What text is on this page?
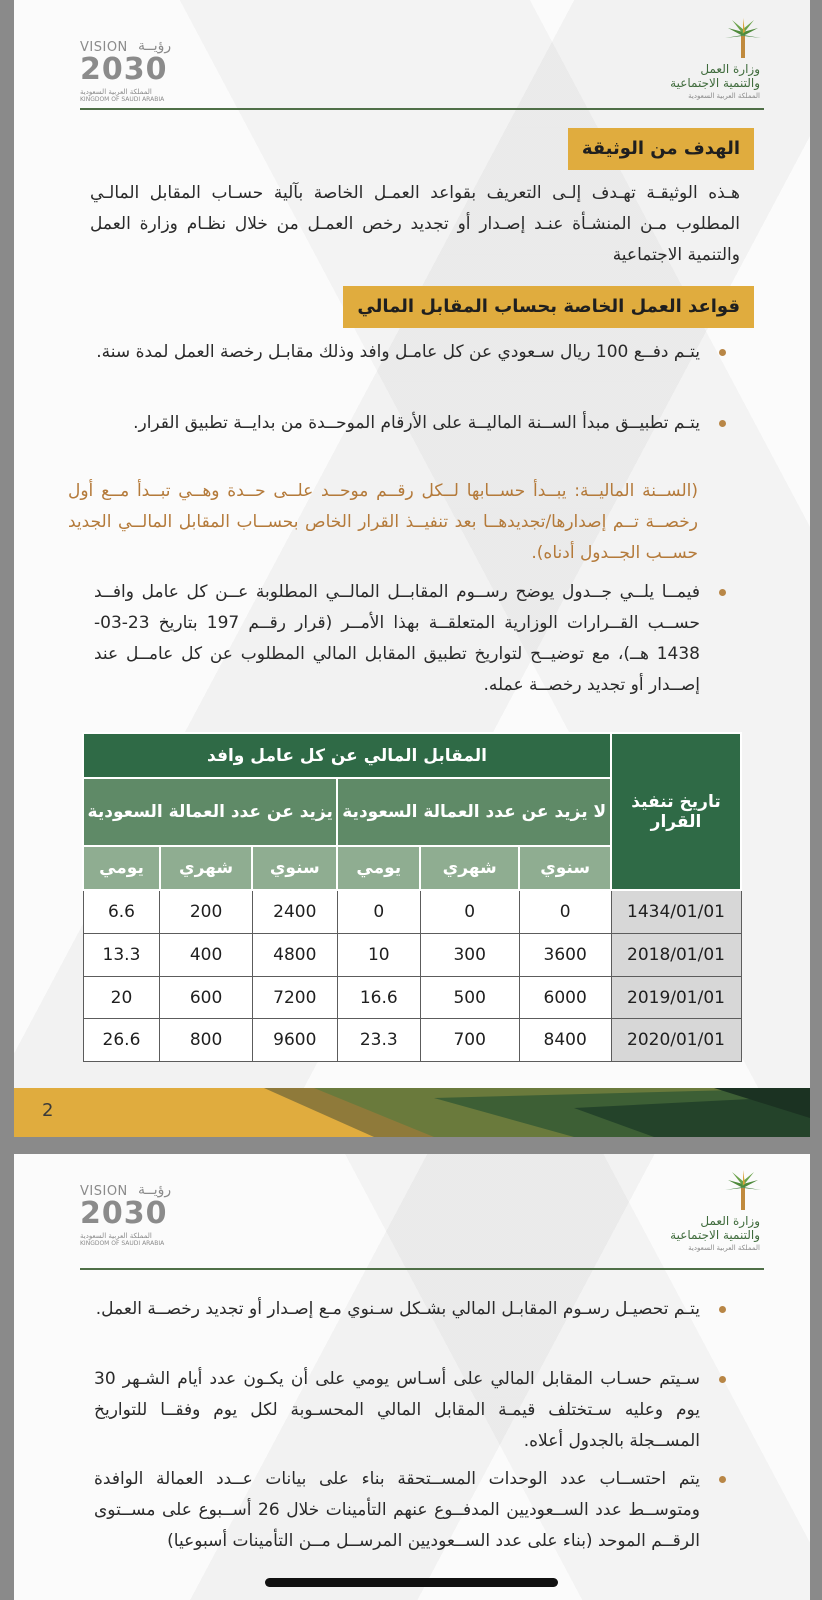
VISION رؤيــة
2030
المملكة العربية السعودية
KINGDOM OF SAUDI ARABIA
وزارة العمل
والتنمية الاجتماعية
المملكة العربية السعودية
الهدف من الوثيقة

هـذه الوثيقـة تهـدف إلـى التعريف بقواعد العمـل الخاصة بآلية حسـاب المقابل المالـي المطلوب مـن المنشـأة عنـد إصـدار أو تجديد رخص العمـل من خلال نظـام وزارة العمل والتنمية الاجتماعية

قواعد العمل الخاصة بحساب المقابل المالي

يتـم دفــع 100 ريال سـعودي عن كل عامـل وافد وذلك مقابـل رخصة العمل لمدة سنة.

يتـم تطبيــق مبدأ الســنة الماليــة على الأرقام الموحــدة من بدايــة تطبيق القرار.

(الســنة الماليــة: يبــدأ حســابها لــكل رقــم موحــد علــى حــدة وهــي تبــدأ مــع أول رخصــة تــم إصدارها/تجديدهــا بعد تنفيــذ القرار الخاص بحســاب المقابل المالــي الجديد حســب الجــدول أدناه).

فيمــا يلــي جــدول يوضح رســوم المقابــل المالــي المطلوبة عــن كل عامل وافــد حســب القــرارات الوزارية المتعلقــة بهذا الأمــر (قرار رقــم 197 بتاريخ 23-03-1438 هــ)، مع توضيــح لتواريخ تطبيق المقابل المالي المطلوب عن كل عامــل عند إصــدار أو تجديد رخصــة عمله.

تاريخ تنفيذ القرار	المقابل المالي عن كل عامل وافد					
	لا يزيد عن عدد العمالة السعودية			يزيد عن عدد العمالة السعودية		
	سنوي	شهري	يومي	سنوي	شهري	يومي
1434/01/01	0	0	0	2400	200	6.6
2018/01/01	3600	300	10	4800	400	13.3
2019/01/01	6000	500	16.6	7200	600	20
2020/01/01	8400	700	23.3	9600	800	26.6
2
VISION رؤيــة
2030
المملكة العربية السعودية
KINGDOM OF SAUDI ARABIA
وزارة العمل
والتنمية الاجتماعية
المملكة العربية السعودية

يتـم تحصيـل رسـوم المقابـل المالي بشـكل سـنوي مـع إصـدار أو تجديد رخصــة العمل.

سـيتم حسـاب المقابل المالي على أسـاس يومي على أن يكـون عدد أيام الشـهر 30 يوم وعليه سـتختلف قيمـة المقابل المالي المحسـوبة لكل يوم وفقــا للتواريخ المســجلة بالجدول أعلاه.

يتم احتســاب عدد الوحدات المســتحقة بناء على بيانات عــدد العمالة الوافدة ومتوســط عدد الســعوديين المدفــوع عنهم التأمينات خلال 26 أســبوع على مســتوى الرقــم الموحد (بناء على عدد الســعوديين المرســل مــن التأمينات أسبوعيا)
